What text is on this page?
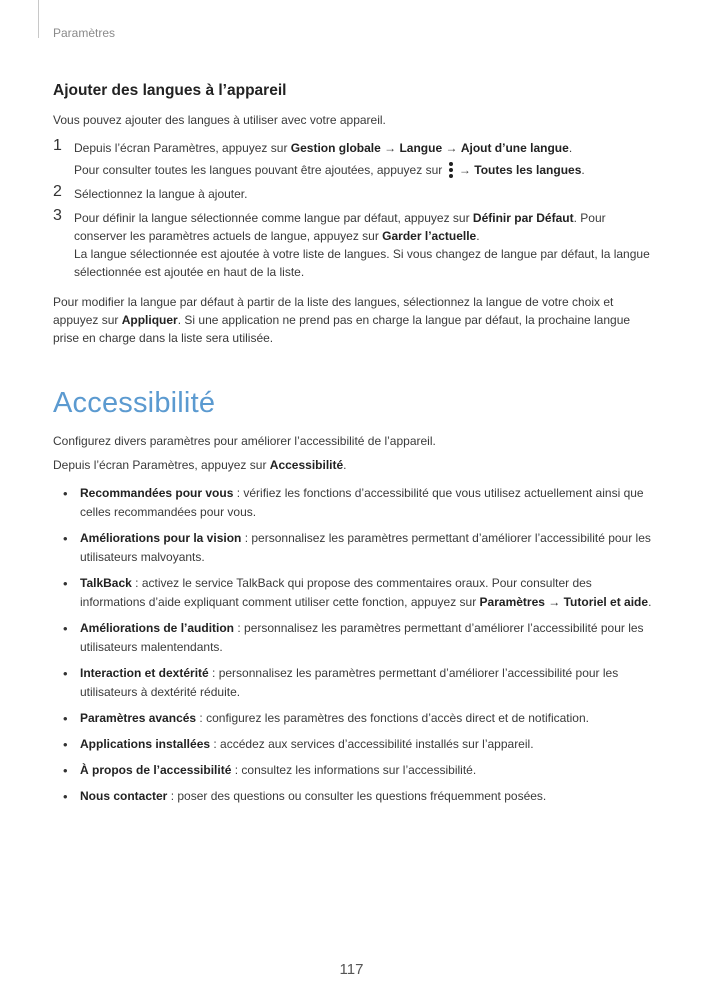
Paramètres
Ajouter des langues à l’appareil

Vous pouvez ajouter des langues à utiliser avec votre appareil.

1 Depuis l’écran Paramètres, appuyez sur Gestion globale → Langue → Ajout d’une langue.
Pour consulter toutes les langues pouvant être ajoutées, appuyez sur
→ Toutes les langues.
2 Sélectionnez la langue à ajouter.
3 Pour définir la langue sélectionnée comme langue par défaut, appuyez sur Définir par Défaut. Pour conserver les paramètres actuels de langue, appuyez sur Garder l’actuelle.
La langue sélectionnée est ajoutée à votre liste de langues. Si vous changez de langue par défaut, la langue sélectionnée est ajoutée en haut de la liste.

Pour modifier la langue par défaut à partir de la liste des langues, sélectionnez la langue de votre choix et appuyez sur Appliquer. Si une application ne prend pas en charge la langue par défaut, la prochaine langue prise en charge dans la liste sera utilisée.

Accessibilité

Configurez divers paramètres pour améliorer l’accessibilité de l’appareil.

Depuis l’écran Paramètres, appuyez sur Accessibilité.

• Recommandées pour vous : vérifiez les fonctions d’accessibilité que vous utilisez actuellement ainsi que celles recommandées pour vous.
• Améliorations pour la vision : personnalisez les paramètres permettant d’améliorer l’accessibilité pour les utilisateurs malvoyants.
• TalkBack : activez le service TalkBack qui propose des commentaires oraux. Pour consulter des informations d’aide expliquant comment utiliser cette fonction, appuyez sur Paramètres → Tutoriel et aide.
• Améliorations de l’audition : personnalisez les paramètres permettant d’améliorer l’accessibilité pour les utilisateurs malentendants.
• Interaction et dextérité : personnalisez les paramètres permettant d’améliorer l’accessibilité pour les utilisateurs à dextérité réduite.
• Paramètres avancés : configurez les paramètres des fonctions d’accès direct et de notification.
• Applications installées : accédez aux services d’accessibilité installés sur l’appareil.
• À propos de l’accessibilité : consultez les informations sur l’accessibilité.
• Nous contacter : poser des questions ou consulter les questions fréquemment posées.
117
